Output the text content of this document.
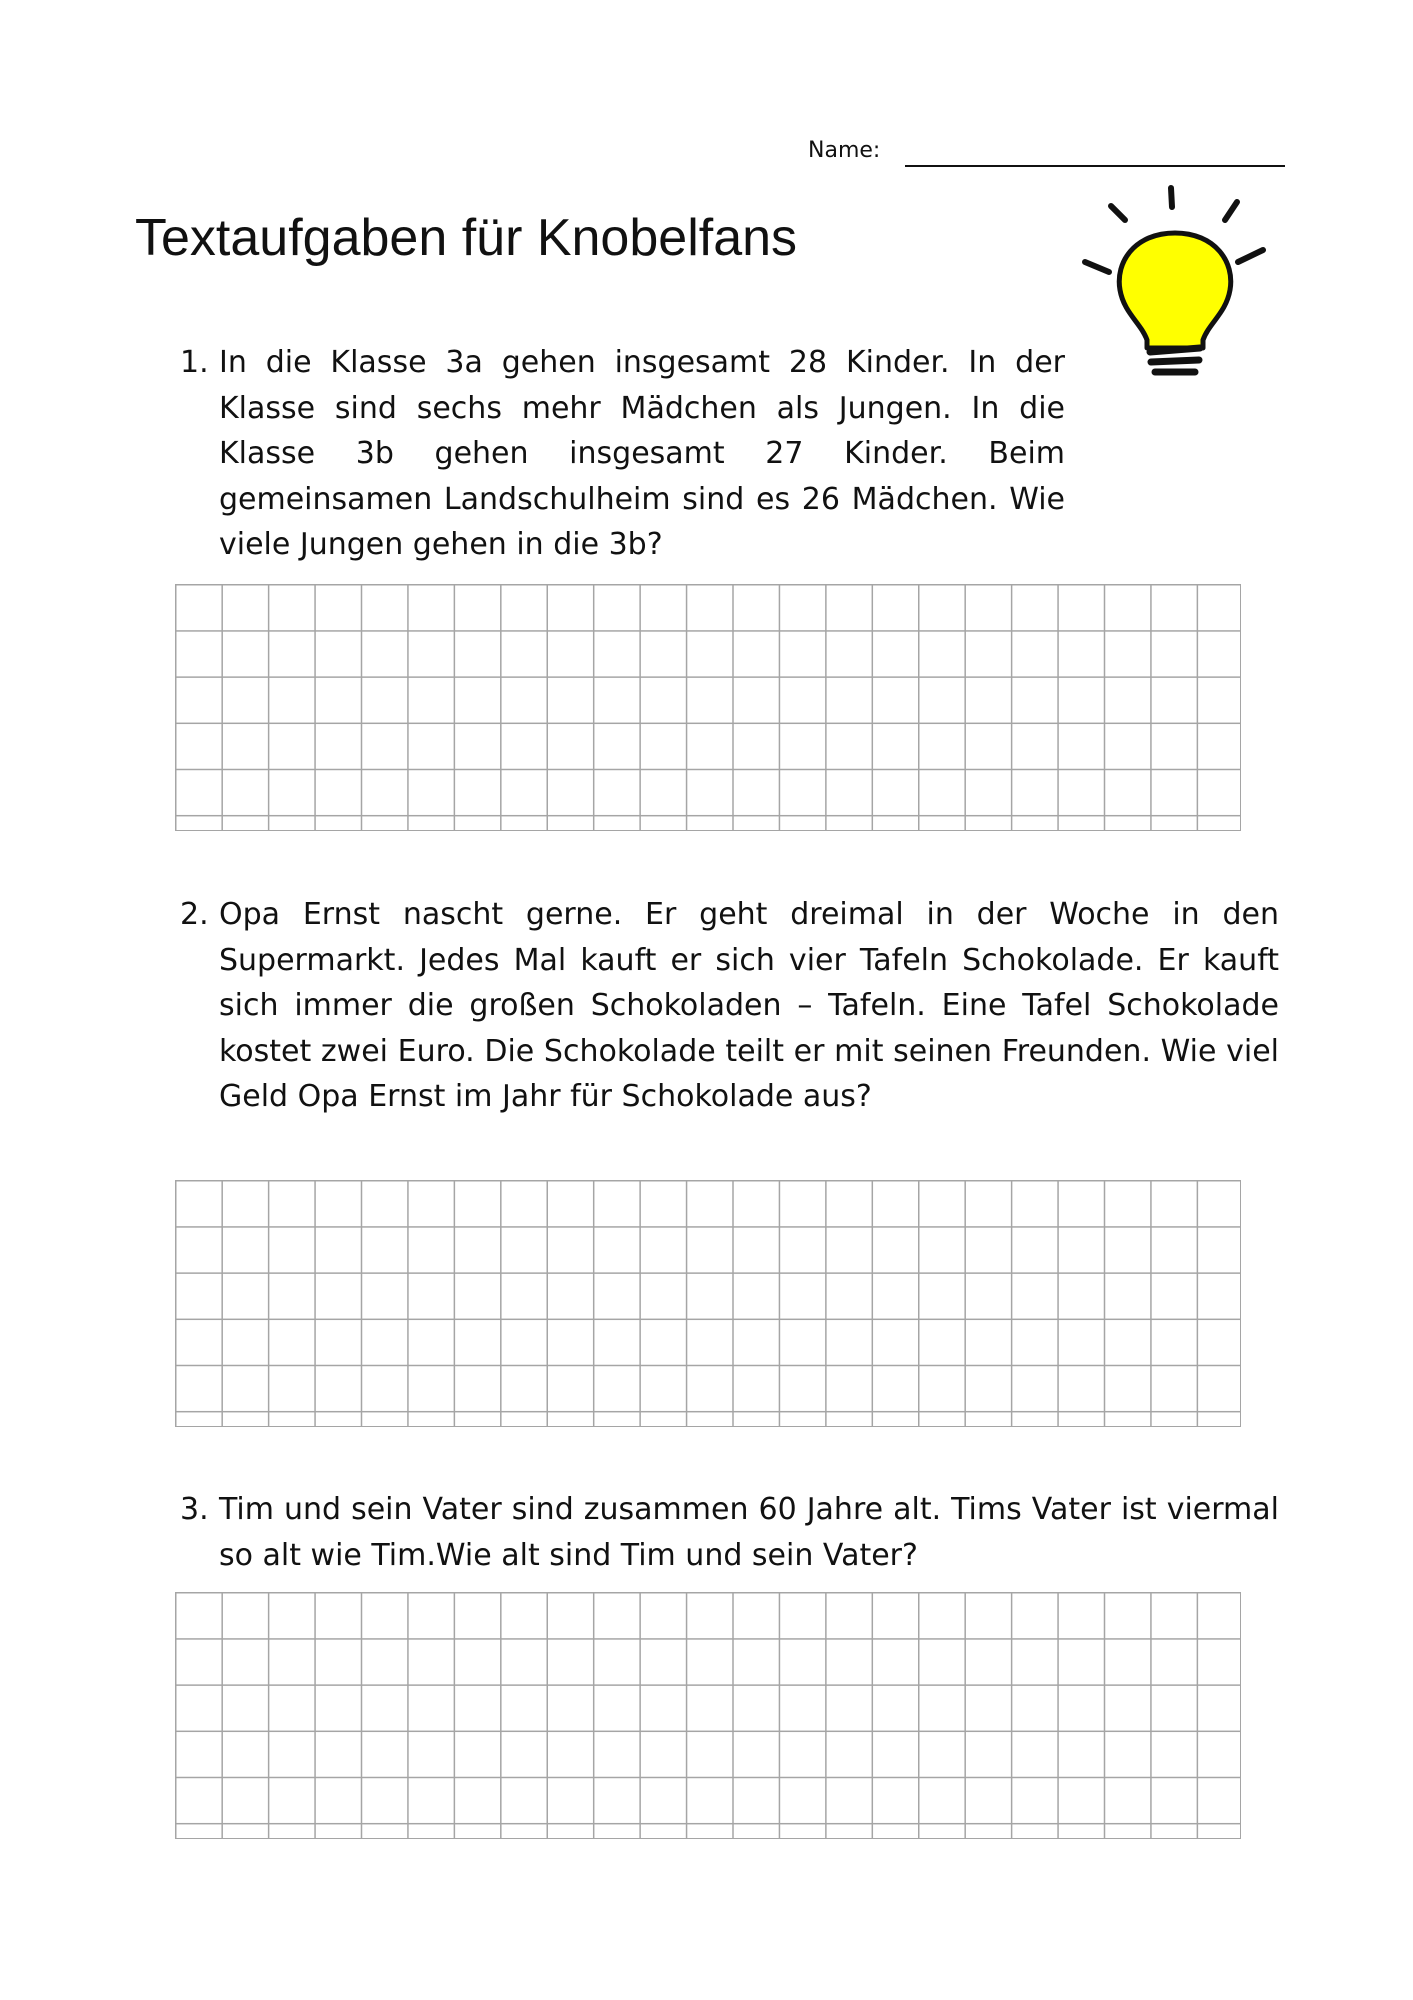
Name:
Textaufgaben für Knobelfans
1. In die Klasse 3a gehen insgesamt 28 Kinder. In der Klasse sind sechs mehr Mädchen als Jungen. In die Klasse 3b gehen insgesamt 27 Kinder. Beim gemeinsamen Landschulheim sind es 26 Mädchen. Wie viele Jungen gehen in die 3b?
2. Opa Ernst nascht gerne. Er geht dreimal in der Woche in den Supermarkt. Jedes Mal kauft er sich vier Tafeln Schokolade. Er kauft sich immer die großen Schokoladen – Tafeln. Eine Tafel Schokolade kostet zwei Euro. Die Schokolade teilt er mit seinen Freunden. Wie viel Geld Opa Ernst im Jahr für Schokolade aus?
3. Tim und sein Vater sind zusammen 60 Jahre alt. Tims Vater ist viermal so alt wie Tim.Wie alt sind Tim und sein Vater?
